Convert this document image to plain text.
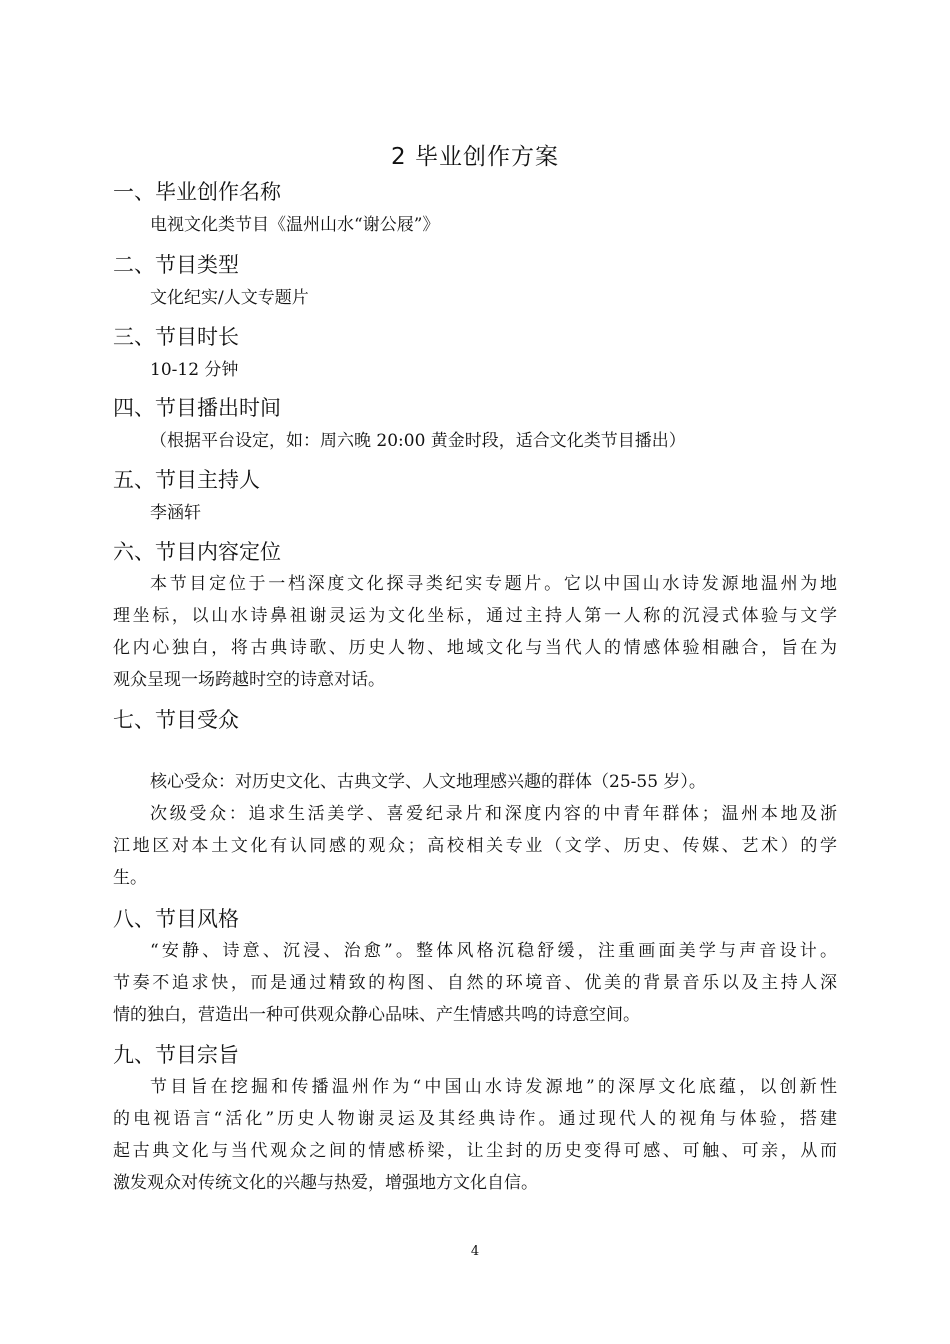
2 毕业创作方案
一、毕业创作名称
电视文化类节目《温州山水“谢公屐”》
二、节目类型
文化纪实/人文专题片
三、节目时长
10-12 分钟
四、节目播出时间
（根据平台设定，如：周六晚 20:00 黄金时段，适合文化类节目播出）
五、节目主持人
李涵轩
六、节目内容定位
本节目定位于一档深度文化探寻类纪实专题片。它以中国山水诗发源地温州为地
理坐标，以山水诗鼻祖谢灵运为文化坐标，通过主持人第一人称的沉浸式体验与文学
化内心独白，将古典诗歌、历史人物、地域文化与当代人的情感体验相融合，旨在为
观众呈现一场跨越时空的诗意对话。
七、节目受众
核心受众：对历史文化、古典文学、人文地理感兴趣的群体（25-55 岁）。
次级受众：追求生活美学、喜爱纪录片和深度内容的中青年群体；温州本地及浙
江地区对本土文化有认同感的观众；高校相关专业（文学、历史、传媒、艺术）的学
生。
八、节目风格
“安静、诗意、沉浸、治愈”。整体风格沉稳舒缓，注重画面美学与声音设计。
节奏不追求快，而是通过精致的构图、自然的环境音、优美的背景音乐以及主持人深
情的独白，营造出一种可供观众静心品味、产生情感共鸣的诗意空间。
九、节目宗旨
节目旨在挖掘和传播温州作为“中国山水诗发源地”的深厚文化底蕴，以创新性
的电视语言“活化”历史人物谢灵运及其经典诗作。通过现代人的视角与体验，搭建
起古典文化与当代观众之间的情感桥梁，让尘封的历史变得可感、可触、可亲，从而
激发观众对传统文化的兴趣与热爱，增强地方文化自信。
4
